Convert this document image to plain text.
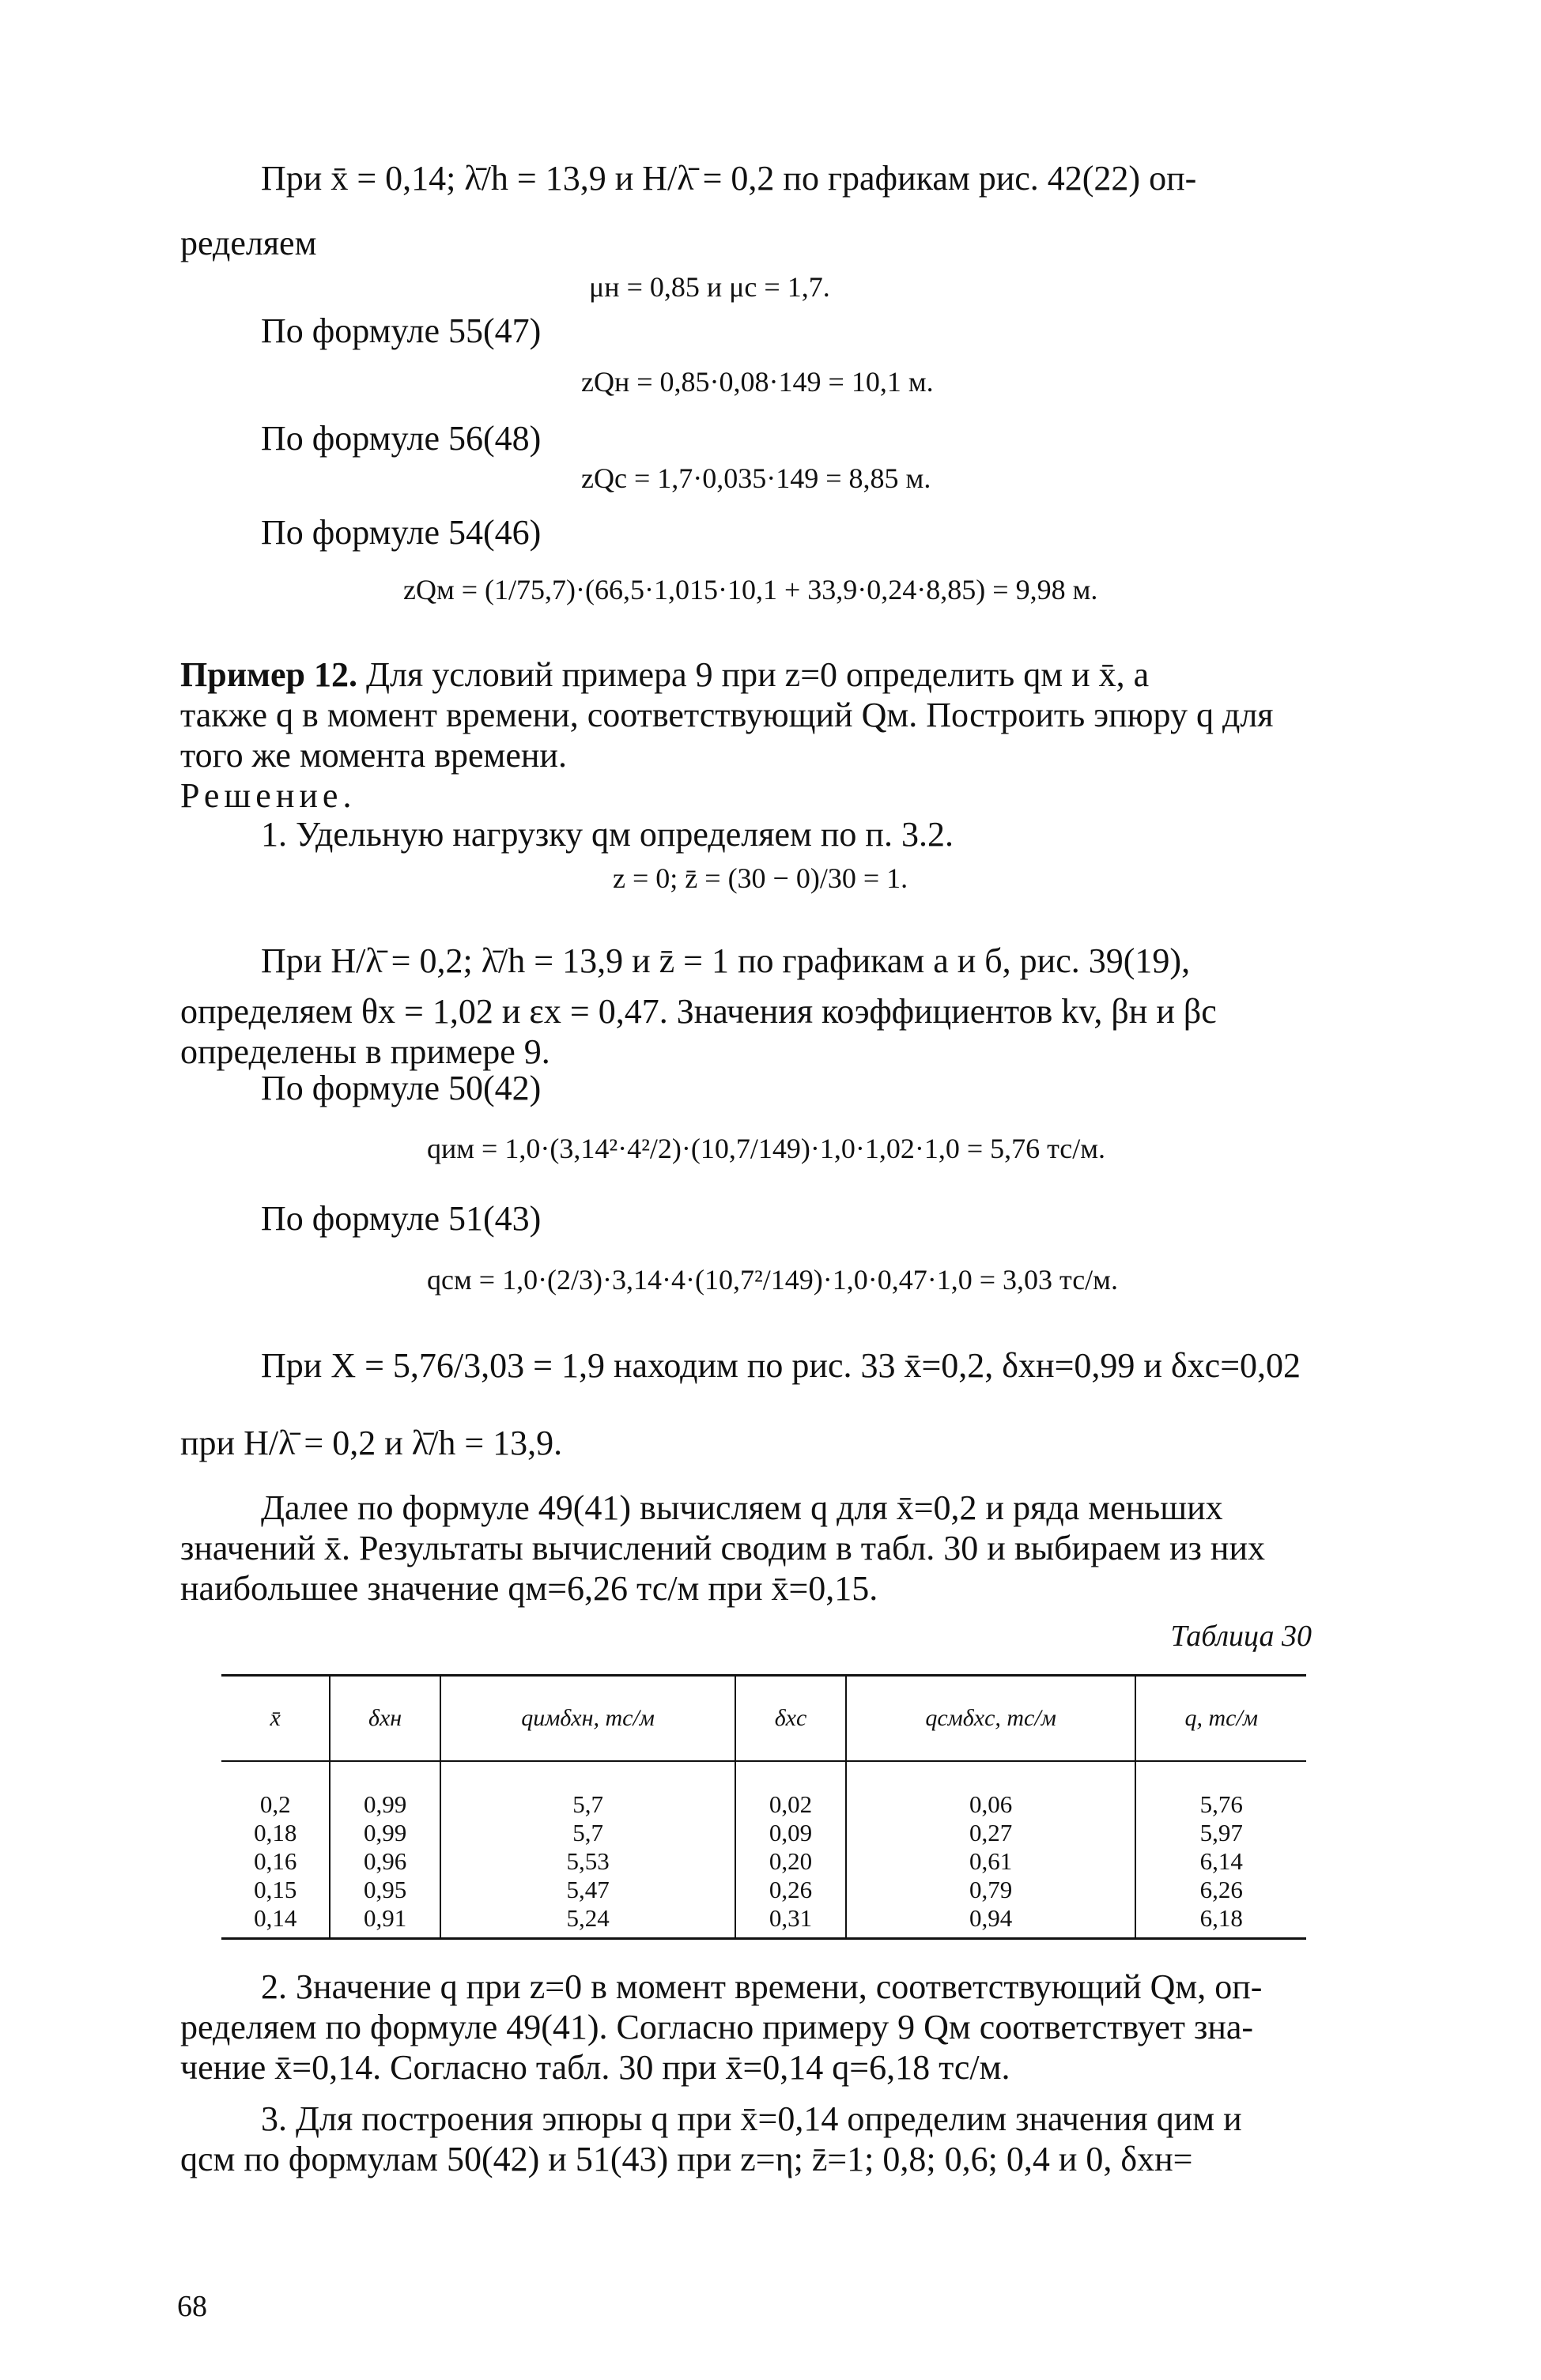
При x̄ = 0,14; λ̄/h = 13,9 и H/λ̄ = 0,2 по графикам рис. 42(22) оп-
ределяем
μн = 0,85 и μс = 1,7.
По формуле 55(47)
zQн = 0,85·0,08·149 = 10,1 м.
По формуле 56(48)
zQс = 1,7·0,035·149 = 8,85 м.
По формуле 54(46)
zQм = (1/75,7)·(66,5·1,015·10,1 + 33,9·0,24·8,85) = 9,98 м.
Пример 12. Для условий примера 9 при z=0 определить qм и x̄, а
также q в момент времени, соответствующий Qм. Построить эпюру q для
того же момента времени.
Решение.
1. Удельную нагрузку qм определяем по п. 3.2.
z = 0; z̄ = (30 − 0)/30 = 1.
При H/λ̄ = 0,2; λ̄/h = 13,9 и z̄ = 1 по графикам а и б, рис. 39(19),
определяем θx = 1,02 и εx = 0,47. Значения коэффициентов kv, βн и βс
определены в примере 9.
По формуле 50(42)
qим = 1,0·(3,14²·4²/2)·(10,7/149)·1,0·1,02·1,0 = 5,76 тс/м.
По формуле 51(43)
qсм = 1,0·(2/3)·3,14·4·(10,7²/149)·1,0·0,47·1,0 = 3,03 тс/м.
При X = 5,76/3,03 = 1,9 находим по рис. 33 x̄=0,2, δxн=0,99 и δxc=0,02
при H/λ̄ = 0,2 и λ̄/h = 13,9.
Далее по формуле 49(41) вычисляем q для x̄=0,2 и ряда меньших
значений x̄. Результаты вычислений сводим в табл. 30 и выбираем из них
наибольшее значение qм=6,26 тс/м при x̄=0,15.
Таблица 30
x̄	δxн	qимδxн, тс/м	δxс	qсмδxс, тс/м	q, тс/м
0,2	0,99	5,7	0,02	0,06	5,76
0,18	0,99	5,7	0,09	0,27	5,97
0,16	0,96	5,53	0,20	0,61	6,14
0,15	0,95	5,47	0,26	0,79	6,26
0,14	0,91	5,24	0,31	0,94	6,18
2. Значение q при z=0 в момент времени, соответствующий Qм, оп-
ределяем по формуле 49(41). Согласно примеру 9 Qм соответствует зна-
чение x̄=0,14. Согласно табл. 30 при x̄=0,14 q=6,18 тс/м.
3. Для построения эпюры q при x̄=0,14 определим значения qим и
qсм по формулам 50(42) и 51(43) при z=η; z̄=1; 0,8; 0,6; 0,4 и 0, δxн=
68
